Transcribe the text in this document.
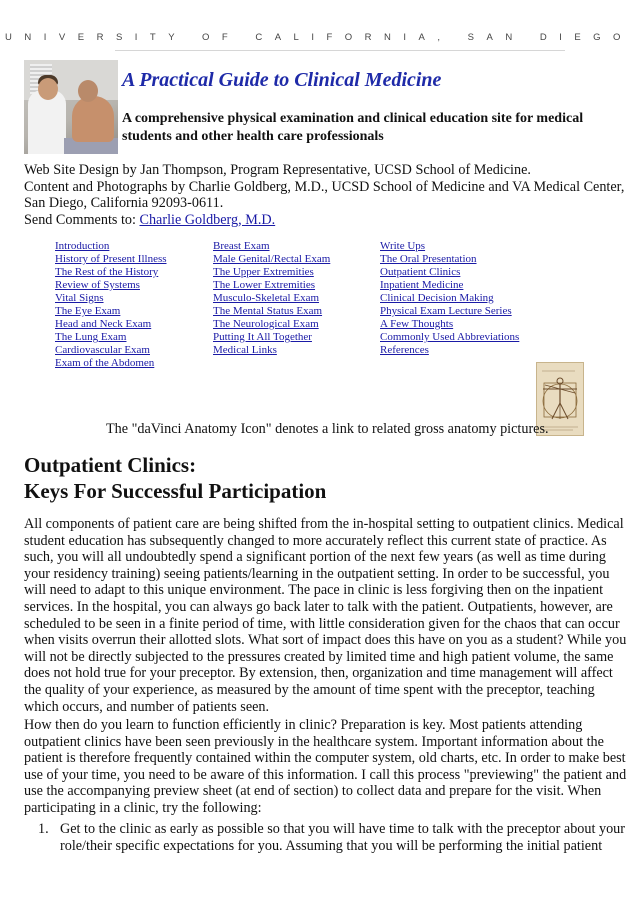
UNIVERSITY OF CALIFORNIA, SAN DIEGO
A Practical Guide to Clinical Medicine
A comprehensive physical examination and clinical education site for medical students and other health care professionals
Web Site Design by Jan Thompson, Program Representative, UCSD School of Medicine.
Content and Photographs by Charlie Goldberg, M.D., UCSD School of Medicine and VA Medical Center,
San Diego, California 92093-0611.
Send Comments to: Charlie Goldberg, M.D.
Introduction
History of Present Illness
The Rest of the History
Review of Systems
Vital Signs
The Eye Exam
Head and Neck Exam
The Lung Exam
Cardiovascular Exam
Exam of the Abdomen
Breast Exam
Male Genital/Rectal Exam
The Upper Extremities
The Lower Extremities
Musculo-Skeletal Exam
The Mental Status Exam
The Neurological Exam
Putting It All Together
Medical Links
Write Ups
The Oral Presentation
Outpatient Clinics
Inpatient Medicine
Clinical Decision Making
Physical Exam Lecture Series
A Few Thoughts
Commonly Used Abbreviations
References
The "daVinci Anatomy Icon" denotes a link to related gross anatomy pictures.
Outpatient Clinics:
Keys For Successful Participation
All components of patient care are being shifted from the in-hospital setting to outpatient clinics. Medical
student education has subsequently changed to more accurately reflect this current state of practice. As
such, you will all undoubtedly spend a significant portion of the next few years (as well as time during
your residency training) seeing patients/learning in the outpatient setting. In order to be successful, you
will need to adapt to this unique environment. The pace in clinic is less forgiving then on the inpatient
services. In the hospital, you can always go back later to talk with the patient. Outpatients, however, are
scheduled to be seen in a finite period of time, with little consideration given for the chaos that can occur
when visits overrun their allotted slots. What sort of impact does this have on you as a student? While you
will not be directly subjected to the pressures created by limited time and high patient volume, the same
does not hold true for your preceptor. By extension, then, organization and time management will affect
the quality of your experience, as measured by the amount of time spent with the preceptor, teaching
which occurs, and number of patients seen.
How then do you learn to function efficiently in clinic? Preparation is key. Most patients attending
outpatient clinics have been seen previously in the healthcare system. Important information about the
patient is therefore frequently contained within the computer system, old charts, etc. In order to make best
use of your time, you need to be aware of this information. I call this process "previewing" the patient and
use the accompanying preview sheet (at end of section) to collect data and prepare for the visit. When
participating in a clinic, try the following:
1. Get to the clinic as early as possible so that you will have time to talk with the preceptor about your
role/their specific expectations for you. Assuming that you will be performing the initial patient
